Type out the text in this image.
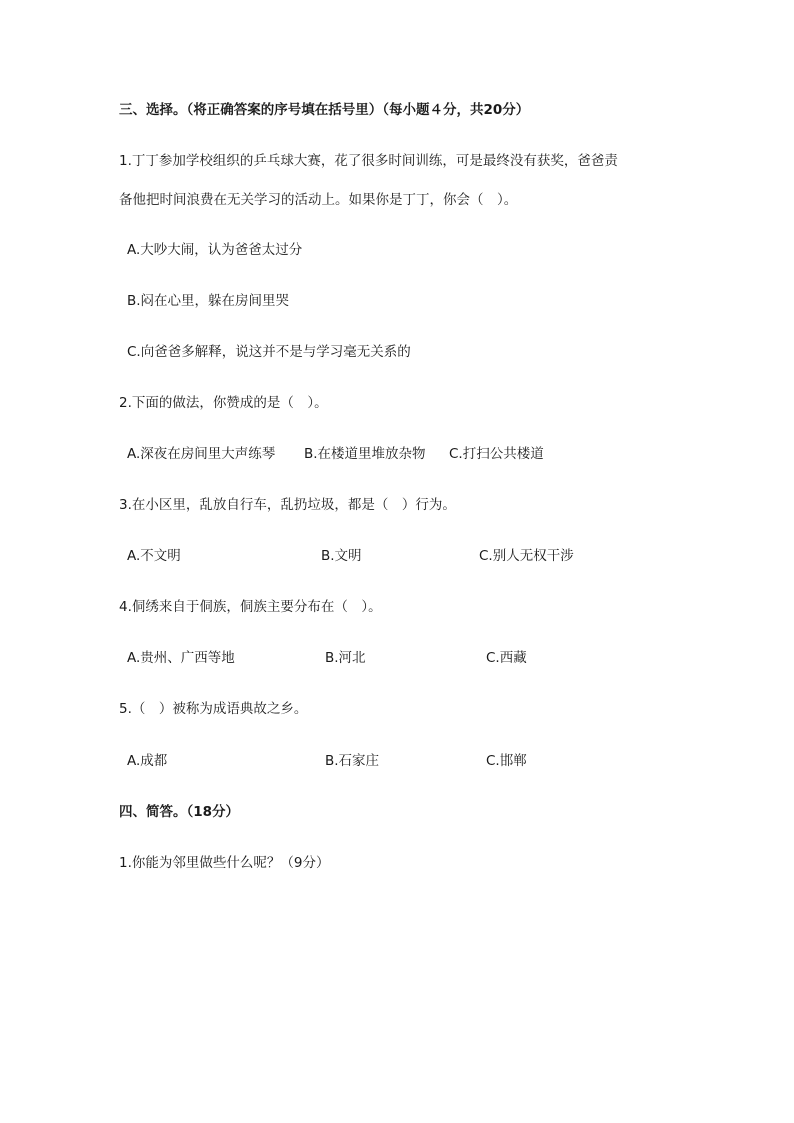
三、选择。（将正确答案的序号填在括号里）（每小题４分，共20分）
1.丁丁参加学校组织的乒乓球大赛，花了很多时间训练，可是最终没有获奖，爸爸责
备他把时间浪费在无关学习的活动上。如果你是丁丁，你会（　）。
A.大吵大闹，认为爸爸太过分
B.闷在心里，躲在房间里哭
C.向爸爸多解释，说这并不是与学习毫无关系的
2.下面的做法，你赞成的是（　）。
A.深夜在房间里大声练琴 B.在楼道里堆放杂物 C.打扫公共楼道
3.在小区里，乱放自行车，乱扔垃圾，都是（　）行为。
A.不文明	B.文明	C.别人无权干涉
4.侗绣来自于侗族，侗族主要分布在（　）。
A.贵州、广西等地	B.河北	C.西藏
5.（　）被称为成语典故之乡。
A.成都	B.石家庄	C.邯郸
四、简答。（18分）
1.你能为邻里做些什么呢？（9分）
